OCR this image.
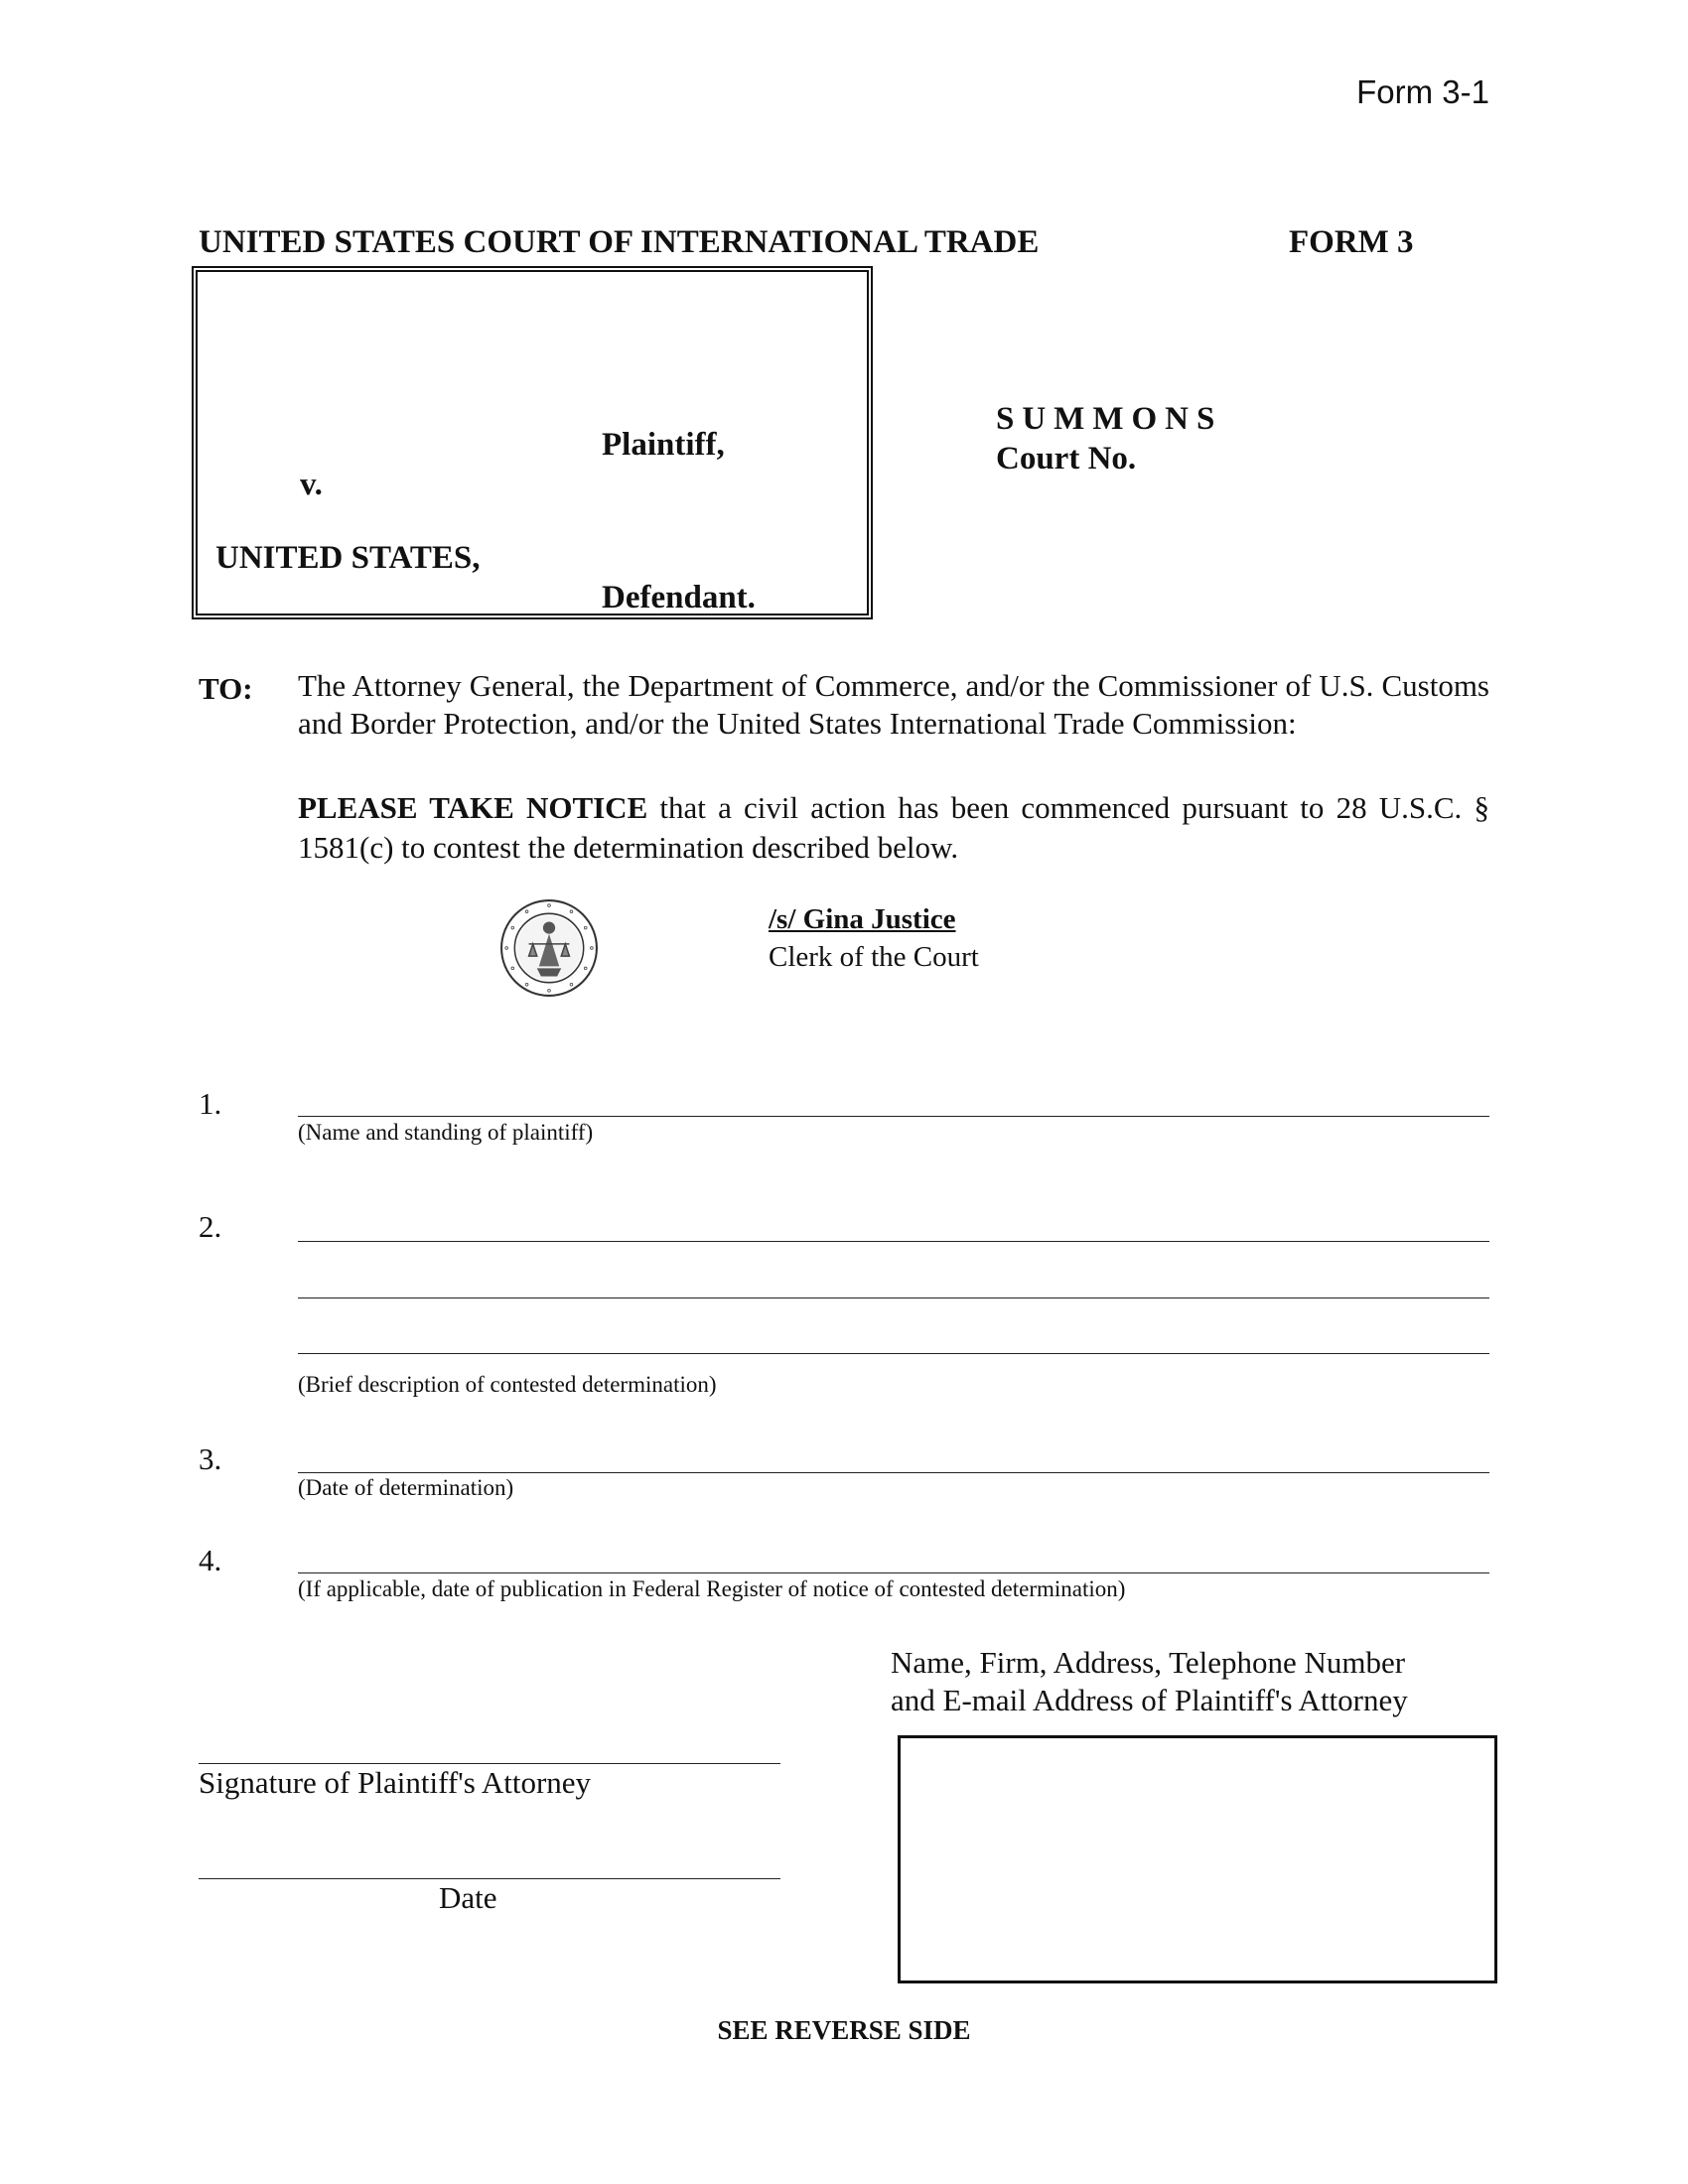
Form 3-1
UNITED STATES COURT OF INTERNATIONAL TRADE	FORM 3
Plaintiff,
v.
UNITED STATES,
Defendant.
SUMMONS
Court No.
TO: The Attorney General, the Department of Commerce, and/or the Commissioner of U.S. Customs and Border Protection, and/or the United States International Trade Commission:
PLEASE TAKE NOTICE that a civil action has been commenced pursuant to 28 U.S.C. § 1581(c) to contest the determination described below.
/s/ Gina Justice
Clerk of the Court
1.
(Name and standing of plaintiff)
2.
(Brief description of contested determination)
3.
(Date of determination)
4.
(If applicable, date of publication in Federal Register of notice of contested determination)
Name, Firm, Address, Telephone Number
and E-mail Address of Plaintiff's Attorney
Signature of Plaintiff's Attorney
Date
SEE REVERSE SIDE
